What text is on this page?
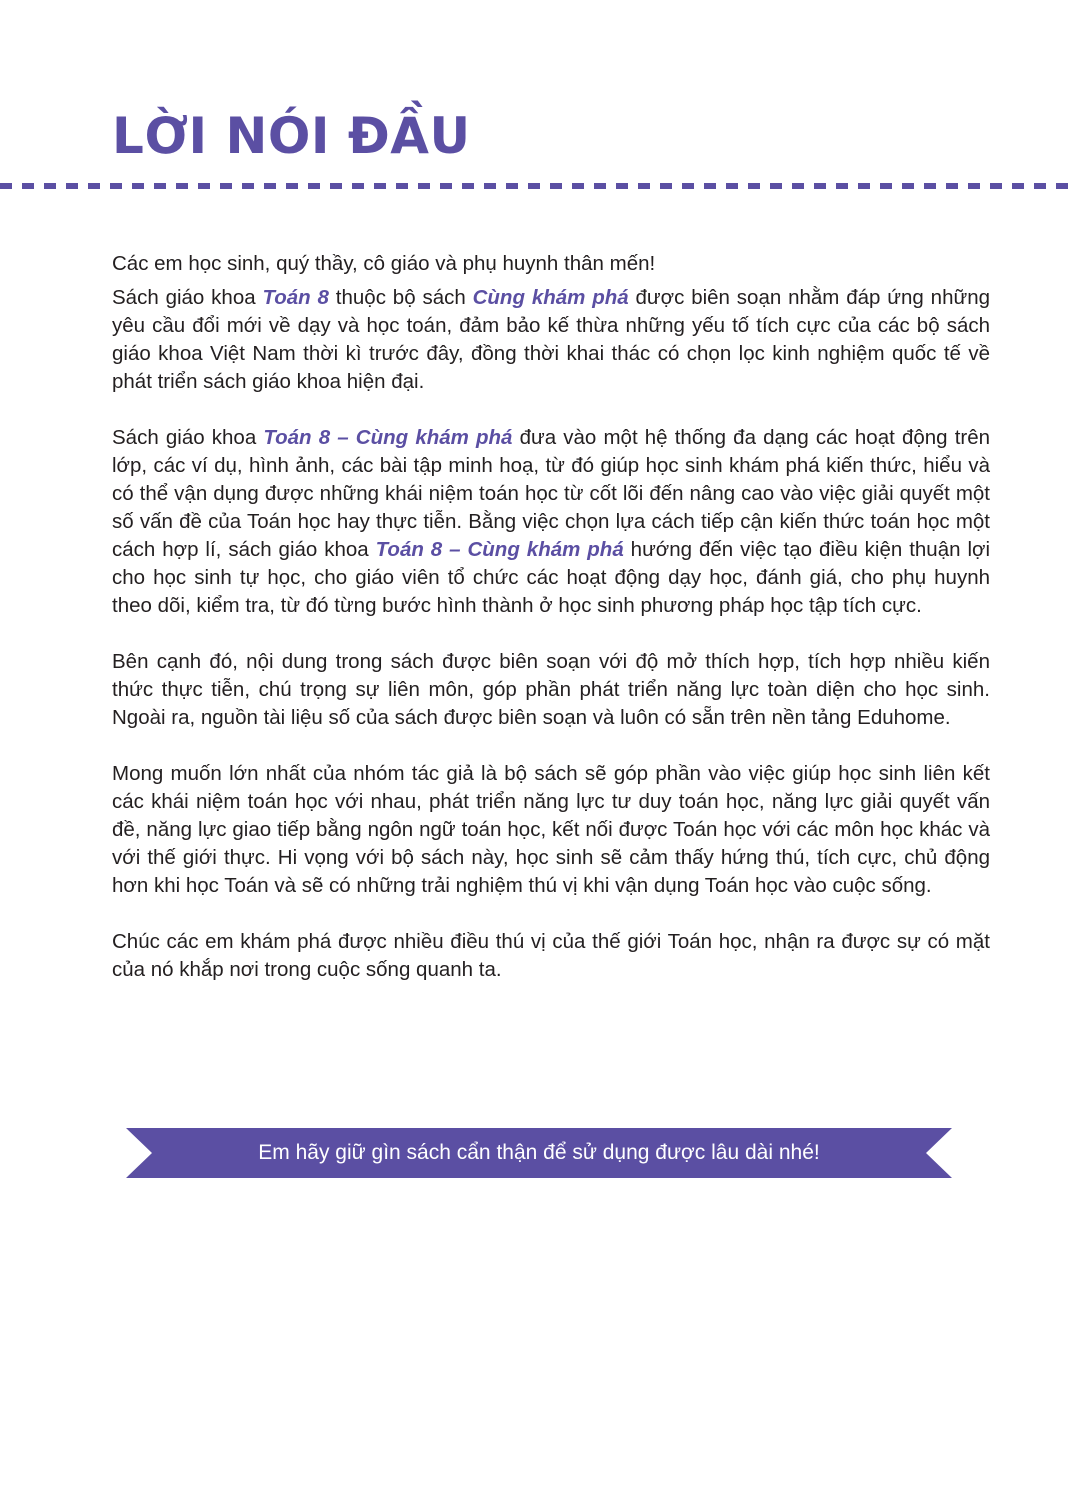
LỜI NÓI ĐẦU

Các em học sinh, quý thầy, cô giáo và phụ huynh thân mến!

Sách giáo khoa Toán 8 thuộc bộ sách Cùng khám phá được biên soạn nhằm đáp ứng những yêu cầu đổi mới về dạy và học toán, đảm bảo kế thừa những yếu tố tích cực của các bộ sách giáo khoa Việt Nam thời kì trước đây, đồng thời khai thác có chọn lọc kinh nghiệm quốc tế về phát triển sách giáo khoa hiện đại.

Sách giáo khoa Toán 8 – Cùng khám phá đưa vào một hệ thống đa dạng các hoạt động trên lớp, các ví dụ, hình ảnh, các bài tập minh hoạ, từ đó giúp học sinh khám phá kiến thức, hiểu và có thể vận dụng được những khái niệm toán học từ cốt lõi đến nâng cao vào việc giải quyết một số vấn đề của Toán học hay thực tiễn. Bằng việc chọn lựa cách tiếp cận kiến thức toán học một cách hợp lí, sách giáo khoa Toán 8 – Cùng khám phá hướng đến việc tạo điều kiện thuận lợi cho học sinh tự học, cho giáo viên tổ chức các hoạt động dạy học, đánh giá, cho phụ huynh theo dõi, kiểm tra, từ đó từng bước hình thành ở học sinh phương pháp học tập tích cực.

Bên cạnh đó, nội dung trong sách được biên soạn với độ mở thích hợp, tích hợp nhiều kiến thức thực tiễn, chú trọng sự liên môn, góp phần phát triển năng lực toàn diện cho học sinh. Ngoài ra, nguồn tài liệu số của sách được biên soạn và luôn có sẵn trên nền tảng Eduhome.

Mong muốn lớn nhất của nhóm tác giả là bộ sách sẽ góp phần vào việc giúp học sinh liên kết các khái niệm toán học với nhau, phát triển năng lực tư duy toán học, năng lực giải quyết vấn đề, năng lực giao tiếp bằng ngôn ngữ toán học, kết nối được Toán học với các môn học khác và với thế giới thực. Hi vọng với bộ sách này, học sinh sẽ cảm thấy hứng thú, tích cực, chủ động hơn khi học Toán và sẽ có những trải nghiệm thú vị khi vận dụng Toán học vào cuộc sống.

Chúc các em khám phá được nhiều điều thú vị của thế giới Toán học, nhận ra được sự có mặt của nó khắp nơi trong cuộc sống quanh ta.

Em hãy giữ gìn sách cẩn thận để sử dụng được lâu dài nhé!
